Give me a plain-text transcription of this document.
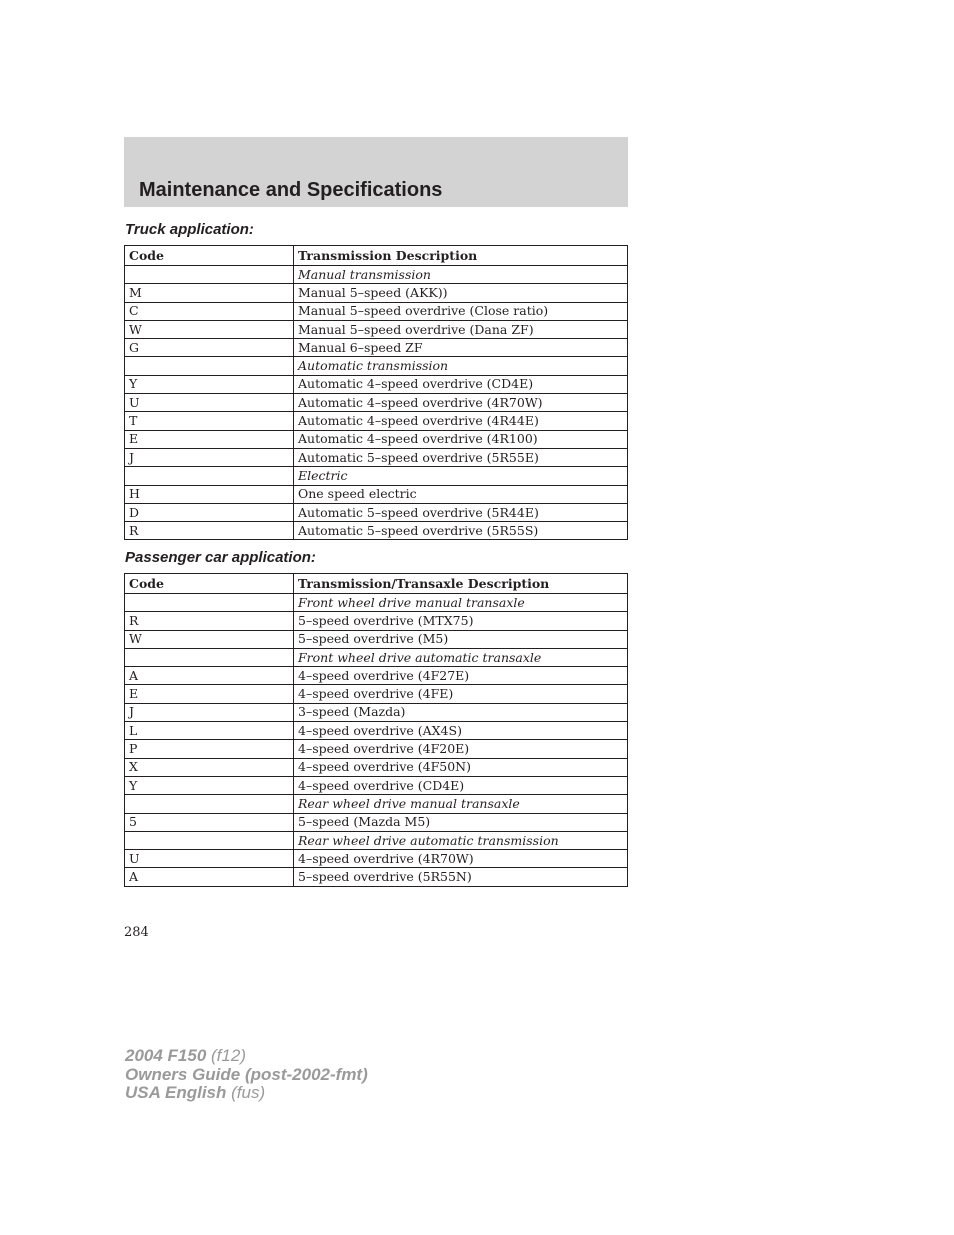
Maintenance and Specifications
Truck application:
Code	Transmission Description
	Manual transmission
M	Manual 5–speed (AKK))
C	Manual 5–speed overdrive (Close ratio)
W	Manual 5–speed overdrive (Dana ZF)
G	Manual 6–speed ZF
	Automatic transmission
Y	Automatic 4–speed overdrive (CD4E)
U	Automatic 4–speed overdrive (4R70W)
T	Automatic 4–speed overdrive (4R44E)
E	Automatic 4–speed overdrive (4R100)
J	Automatic 5–speed overdrive (5R55E)
	Electric
H	One speed electric
D	Automatic 5–speed overdrive (5R44E)
R	Automatic 5–speed overdrive (5R55S)
Passenger car application:
Code	Transmission/Transaxle Description
	Front wheel drive manual transaxle
R	5–speed overdrive (MTX75)
W	5–speed overdrive (M5)
	Front wheel drive automatic transaxle
A	4–speed overdrive (4F27E)
E	4–speed overdrive (4FE)
J	3–speed (Mazda)
L	4–speed overdrive (AX4S)
P	4–speed overdrive (4F20E)
X	4–speed overdrive (4F50N)
Y	4–speed overdrive (CD4E)
	Rear wheel drive manual transaxle
5	5–speed (Mazda M5)
	Rear wheel drive automatic transmission
U	4–speed overdrive (4R70W)
A	5–speed overdrive (5R55N)
284
2004 F150 (f12)
Owners Guide (post-2002-fmt)
USA English (fus)
